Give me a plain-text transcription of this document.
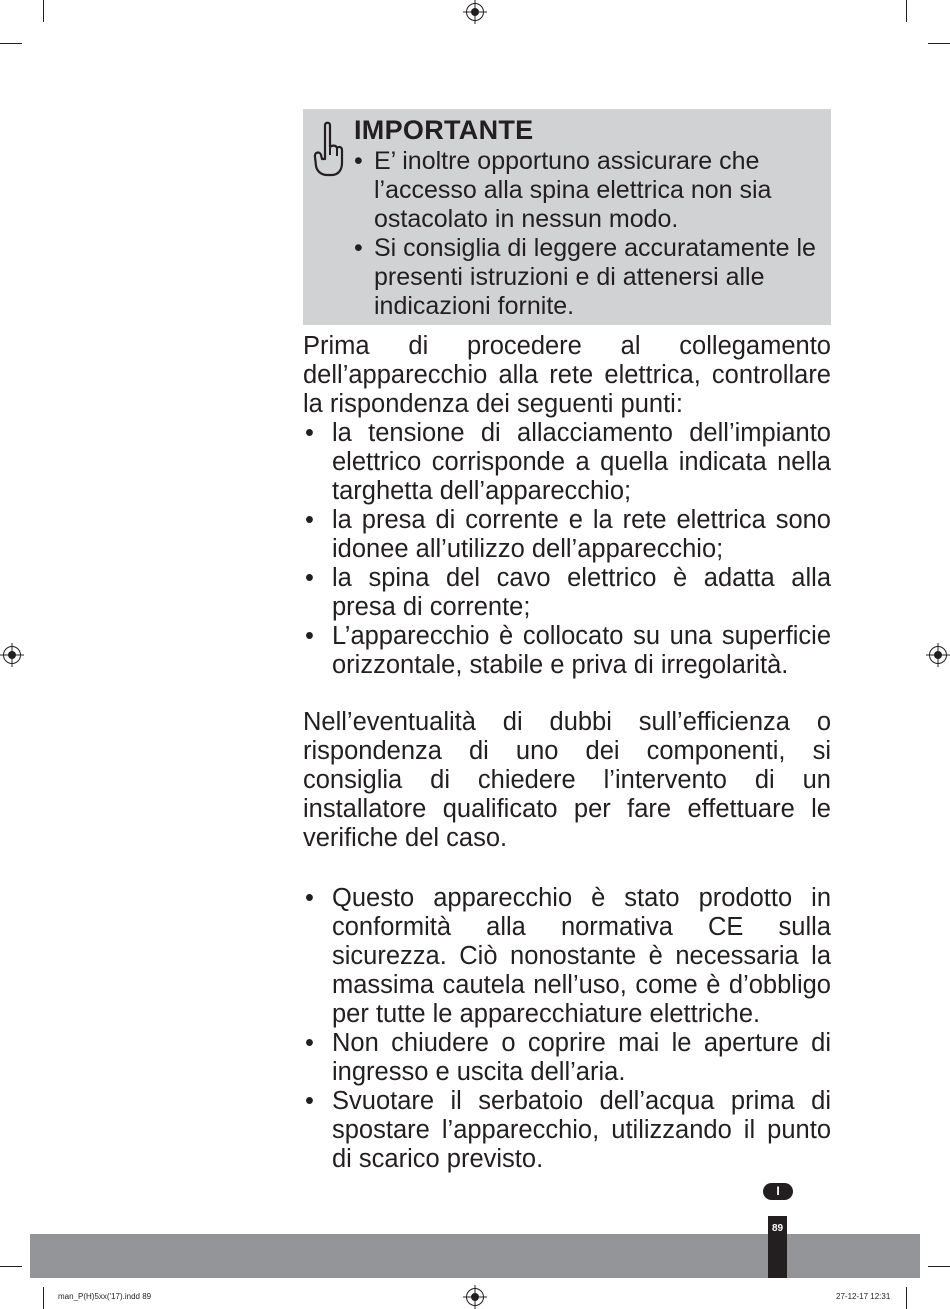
IMPORTANTE
• E’ inoltre opportuno assicurare che l’accesso alla spina elettrica non sia ostacolato in nessun modo.
• Si consiglia di leggere accuratamente le presenti istruzioni e di attenersi alle indicazioni fornite.

Prima di procedere al collegamento dell’apparecchio alla rete elettrica, controllare la rispondenza dei seguenti punti:

• la tensione di allacciamento dell’impianto elettrico corrisponde a quella indicata nella targhetta dell’apparecchio;
• la presa di corrente e la rete elettrica sono idonee all’utilizzo dell’apparecchio;
• la spina del cavo elettrico è adatta alla presa di corrente;
• L’apparecchio è collocato su una superficie orizzontale, stabile e priva di irregolarità.

Nell’eventualità di dubbi sull’efficienza o rispondenza di uno dei componenti, si consiglia di chiedere l’intervento di un installatore qualificato per fare effettuare le verifiche del caso.

• Questo apparecchio è stato prodotto in conformità alla normativa CE sulla sicurezza. Ciò nonostante è necessaria la massima cautela nell’uso, come è d’obbligo per tutte le apparecchiature elettriche.
• Non chiudere o coprire mai le aperture di ingresso e uscita dell’aria.
• Svuotare il serbatoio dell’acqua prima di spostare l’apparecchio, utilizzando il punto di scarico previsto.
I
89
man_P(H)5xx('17).indd 89	27-12-17 12:31
